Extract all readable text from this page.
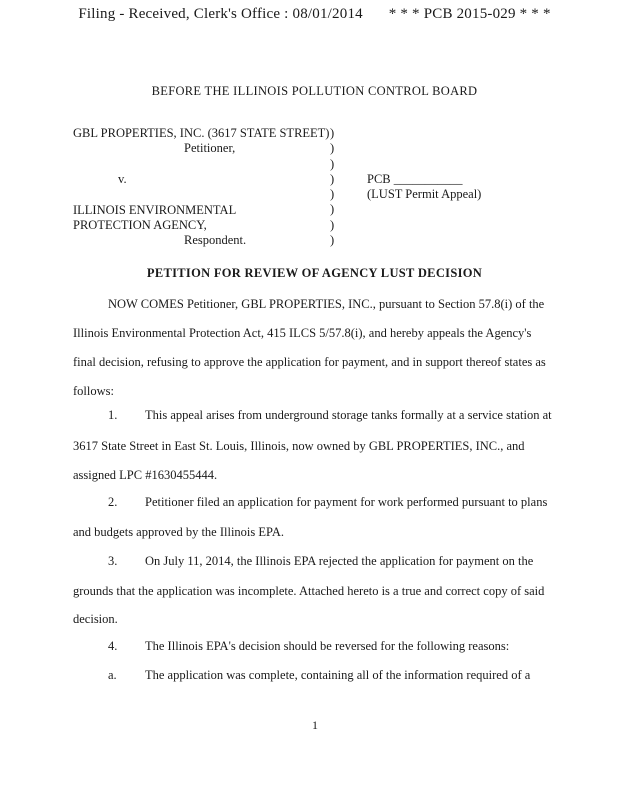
Filing - Received, Clerk's Office : 08/01/2014 * * * PCB 2015-029 * * *
BEFORE THE ILLINOIS POLLUTION CONTROL BOARD
GBL PROPERTIES, INC. (3617 STATE STREET)
Petitioner,
v.
ILLINOIS ENVIRONMENTAL
PROTECTION AGENCY,
Respondent.
)
)
)
)
)
)
)
)
PCB ___________
(LUST Permit Appeal)
PETITION FOR REVIEW OF AGENCY LUST DECISION
NOW COMES Petitioner, GBL PROPERTIES, INC., pursuant to Section 57.8(i) of the
Illinois Environmental Protection Act, 415 ILCS 5/57.8(i), and hereby appeals the Agency's
final decision, refusing to approve the application for payment, and in support thereof states as
follows:
1. This appeal arises from underground storage tanks formally at a service station at
3617 State Street in East St. Louis, Illinois, now owned by GBL PROPERTIES, INC., and
assigned LPC #1630455444.
2. Petitioner filed an application for payment for work performed pursuant to plans
and budgets approved by the Illinois EPA.
3. On July 11, 2014, the Illinois EPA rejected the application for payment on the
grounds that the application was incomplete. Attached hereto is a true and correct copy of said
decision.
4. The Illinois EPA's decision should be reversed for the following reasons:
a. The application was complete, containing all of the information required of a
1
